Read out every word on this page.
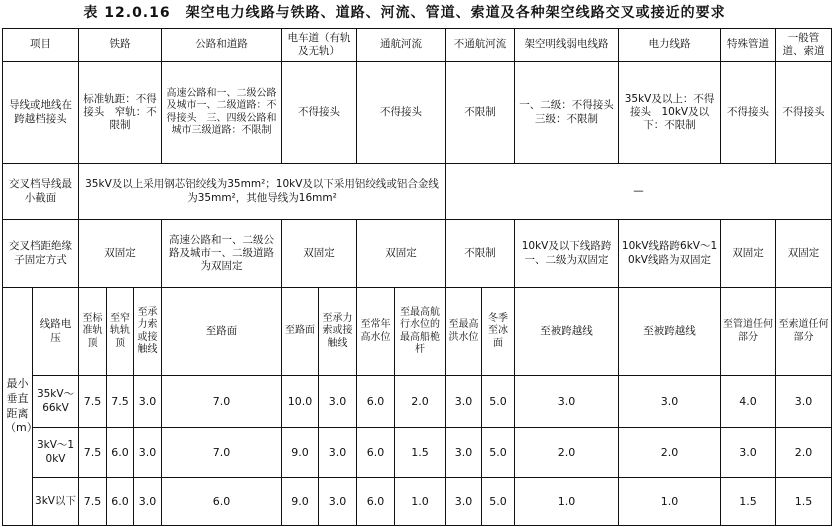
表 12.0.16　架空电力线路与铁路、道路、河流、管道、索道及各种架空线路交叉或接近的要求
项目		铁路			公路和道路	电车道（有轨及无轨）		通航河流		不通航河流		架空明线弱电线路	电力线路	特殊管道	一般管道、索道
导线或地线在跨越档接头		标准轨距：不得接头　窄轨：不限制			高速公路和一、二级公路及城市一、二级道路：不得接头　三、四级公路和城市三级道路：不限制	不得接头		不得接头		不限制		一、二级：不得接头　三级：不限制	35kV及以上：不得接头　10kV及以下：不限制	不得接头	不得接头
交叉档导线最小截面		35kV及以上采用钢芯铝绞线为35mm²；10kV及以下采用铝绞线或铝合金线为35mm²，其他导线为16mm²								—					
交叉档距绝缘子固定方式		双固定			高速公路和一、二级公路及城市一、二级道路为双固定	双固定		双固定		不限制		10kV及以下线路跨一、二级为双固定	10kV线路跨6kV～10kV线路为双固定	双固定	双固定
最小垂直距离（m）	线路电压	至标准轨顶	至窄轨轨顶	至承力索或接触线	至路面	至路面	至承力索或接触线	至常年高水位	至最高航行水位的最高船桅杆	至最高洪水位	冬季至冰面	至被跨越线	至被跨越线	至管道任何部分	至索道任何部分
	35kV～66kV	7.5	7.5	3.0	7.0	10.0	3.0	6.0	2.0	3.0	5.0	3.0	3.0	4.0	3.0
	3kV～10kV	7.5	6.0	3.0	7.0	9.0	3.0	6.0	1.5	3.0	5.0	2.0	2.0	3.0	2.0
	3kV以下	7.5	6.0	3.0	6.0	9.0	3.0	6.0	1.0	3.0	5.0	1.0	1.0	1.5	1.5
